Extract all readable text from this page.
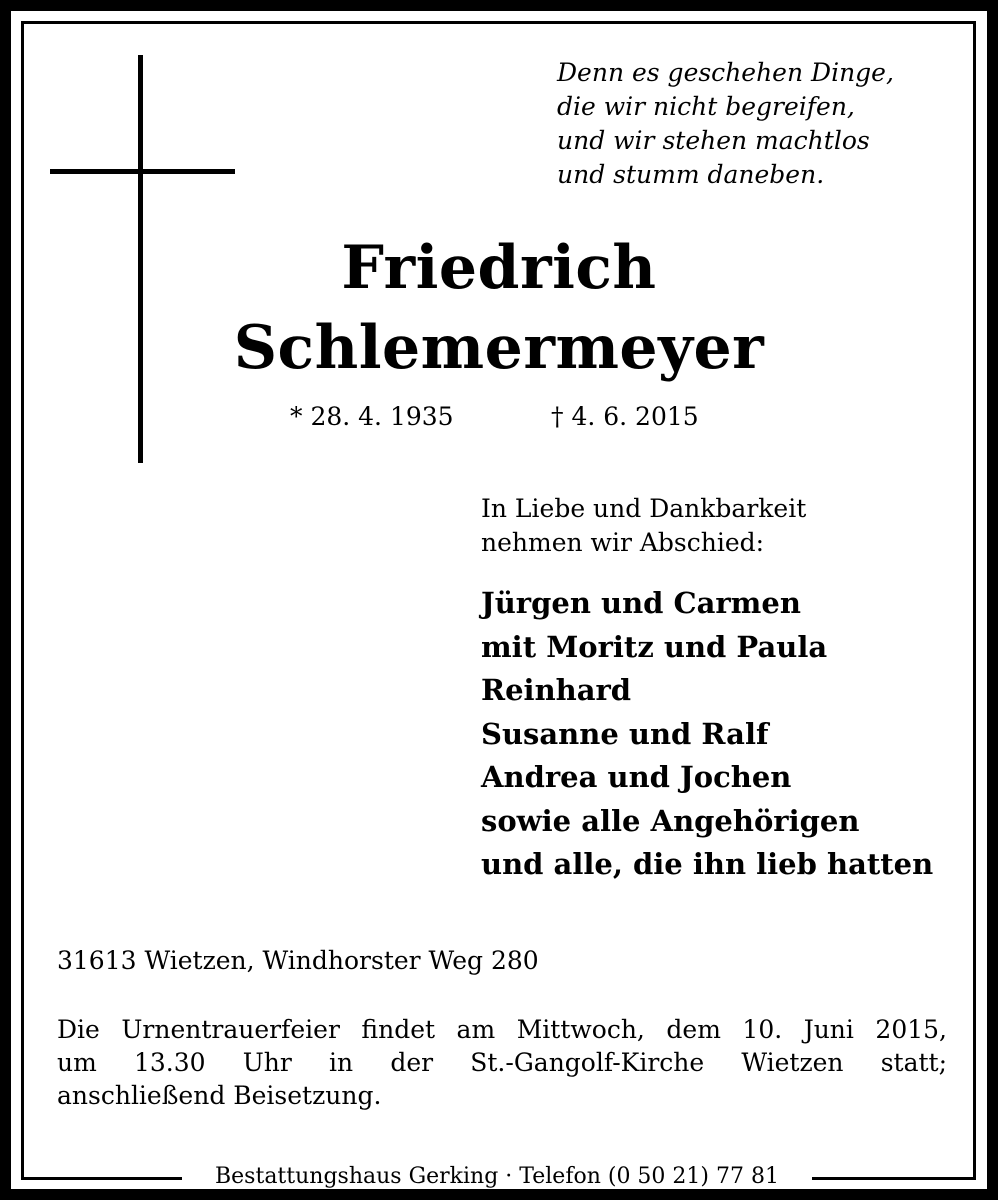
Denn es geschehen Dinge,
die wir nicht begreifen,
und wir stehen machtlos
und stumm daneben.
Friedrich
Schlemermeyer
* 28. 4. 1935	† 4. 6. 2015
In Liebe und Dankbarkeit
nehmen wir Abschied:
Jürgen und Carmen
mit Moritz und Paula
Reinhard
Susanne und Ralf
Andrea und Jochen
sowie alle Angehörigen
und alle, die ihn lieb hatten
31613 Wietzen, Windhorster Weg 280
Die Urnentrauerfeier findet am Mittwoch, dem 10. Juni 2015,
um 13.30 Uhr in der St.-Gangolf-Kirche Wietzen statt;
anschließend Beisetzung.
Bestattungshaus Gerking · Telefon (0 50 21) 77 81
